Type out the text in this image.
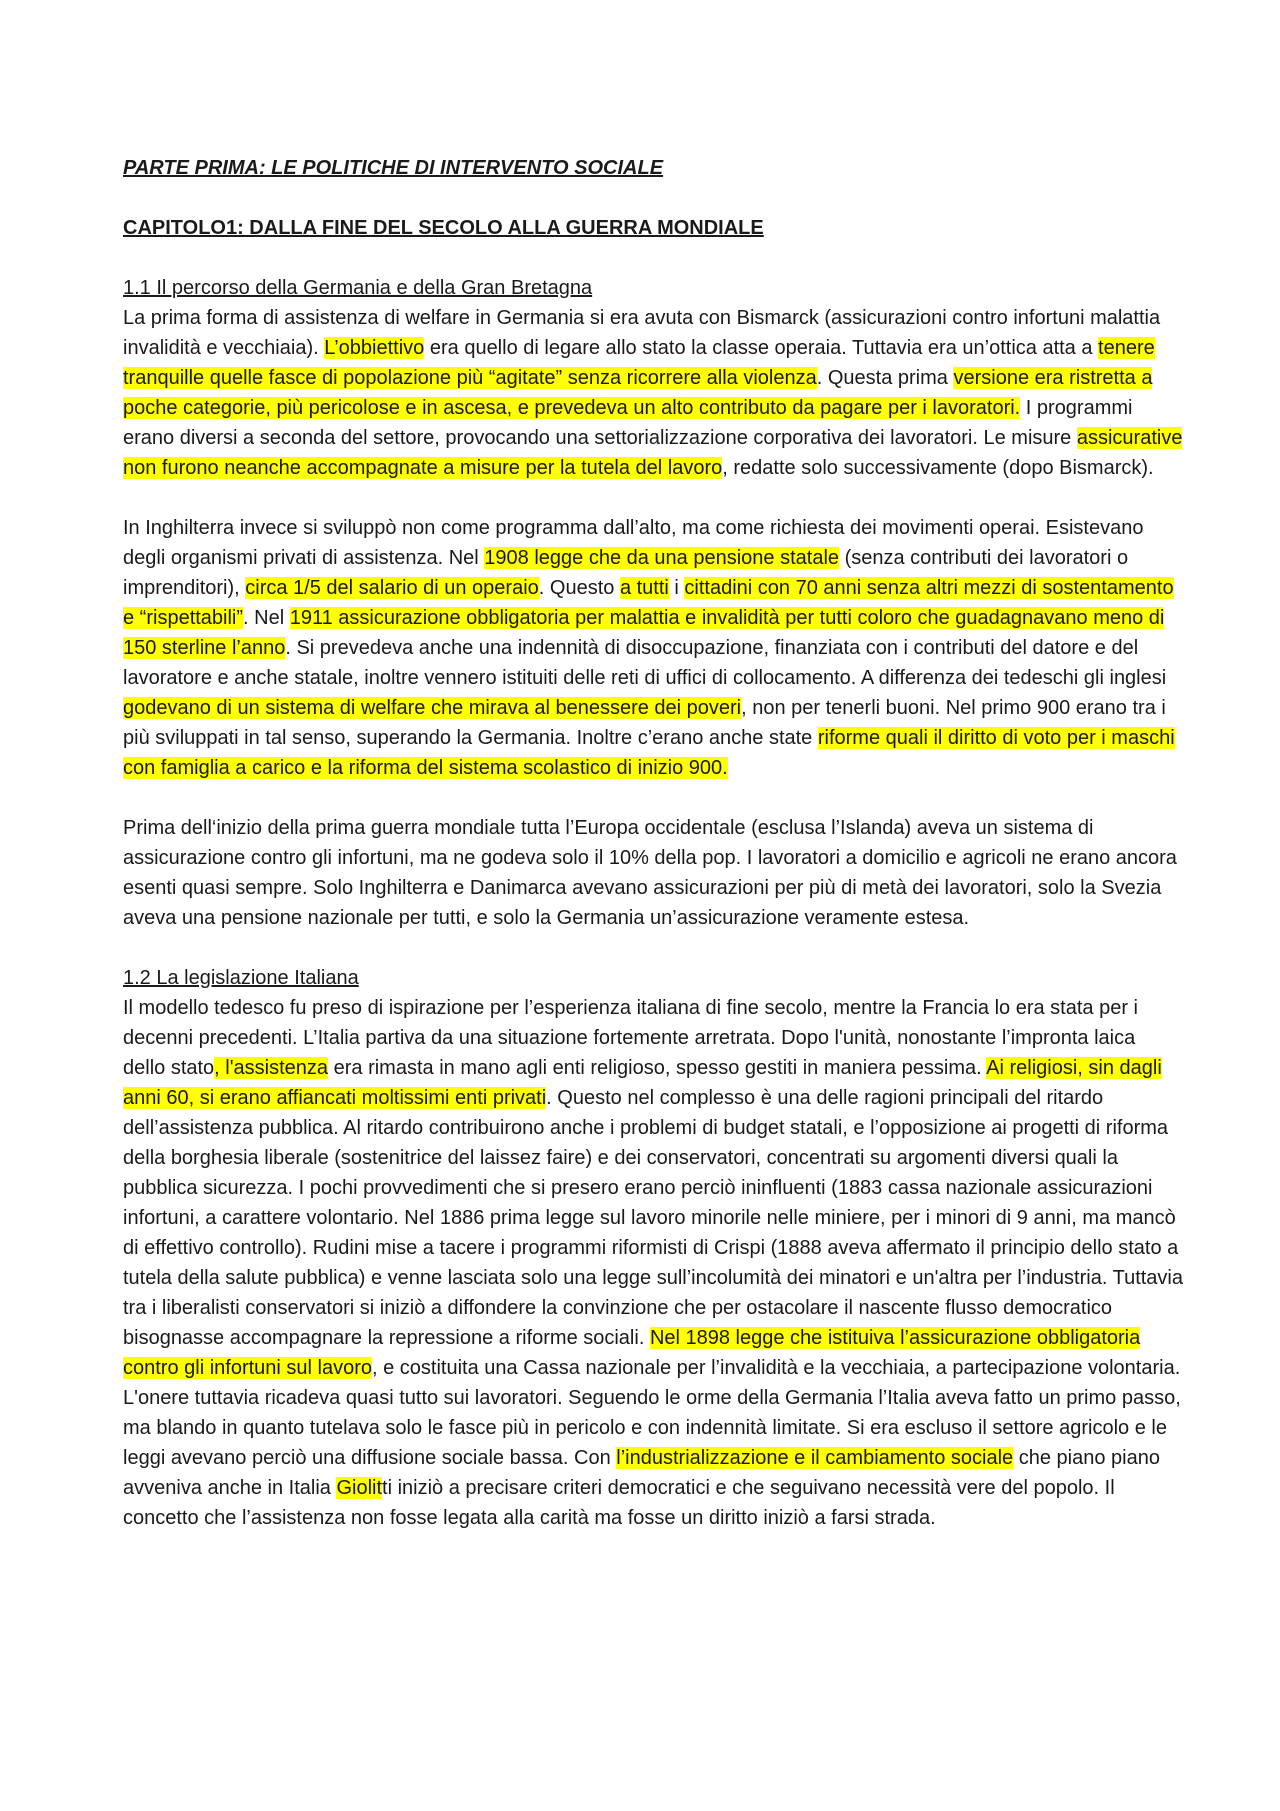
PARTE PRIMA: LE POLITICHE DI INTERVENTO SOCIALE

CAPITOLO1: DALLA FINE DEL SECOLO ALLA GUERRA MONDIALE

1.1 Il percorso della Germania e della Gran Bretagna

La prima forma di assistenza di welfare in Germania si era avuta con Bismarck (assicurazioni contro infortuni malattia invalidità e vecchiaia). L’obbiettivo era quello di legare allo stato la classe operaia. Tuttavia era un’ottica atta a tenere tranquille quelle fasce di popolazione più “agitate” senza ricorrere alla violenza. Questa prima versione era ristretta a poche categorie, più pericolose e in ascesa, e prevedeva un alto contributo da pagare per i lavoratori. I programmi erano diversi a seconda del settore, provocando una settorializzazione corporativa dei lavoratori. Le misure assicurative non furono neanche accompagnate a misure per la tutela del lavoro, redatte solo successivamente (dopo Bismarck).

In Inghilterra invece si sviluppò non come programma dall’alto, ma come richiesta dei movimenti operai. Esistevano degli organismi privati di assistenza. Nel 1908 legge che da una pensione statale (senza contributi dei lavoratori o imprenditori), circa 1/5 del salario di un operaio. Questo a tutti i cittadini con 70 anni senza altri mezzi di sostentamento e “rispettabili”. Nel 1911 assicurazione obbligatoria per malattia e invalidità per tutti coloro che guadagnavano meno di 150 sterline l’anno. Si prevedeva anche una indennità di disoccupazione, finanziata con i contributi del datore e del lavoratore e anche statale, inoltre vennero istituiti delle reti di uffici di collocamento. A differenza dei tedeschi gli inglesi godevano di un sistema di welfare che mirava al benessere dei poveri, non per tenerli buoni. Nel primo 900 erano tra i più sviluppati in tal senso, superando la Germania. Inoltre c’erano anche state riforme quali il diritto di voto per i maschi con famiglia a carico e la riforma del sistema scolastico di inizio 900.

Prima dell‘inizio della prima guerra mondiale tutta l’Europa occidentale (esclusa l’Islanda) aveva un sistema di assicurazione contro gli infortuni, ma ne godeva solo il 10% della pop. I lavoratori a domicilio e agricoli ne erano ancora esenti quasi sempre. Solo Inghilterra e Danimarca avevano assicurazioni per più di metà dei lavoratori, solo la Svezia aveva una pensione nazionale per tutti, e solo la Germania un’assicurazione veramente estesa.

1.2 La legislazione Italiana

Il modello tedesco fu preso di ispirazione per l’esperienza italiana di fine secolo, mentre la Francia lo era stata per i decenni precedenti. L’Italia partiva da una situazione fortemente arretrata. Dopo l'unità, nonostante l’impronta laica dello stato, l'assistenza era rimasta in mano agli enti religioso, spesso gestiti in maniera pessima. Ai religiosi, sin dagli anni 60, si erano affiancati moltissimi enti privati. Questo nel complesso è una delle ragioni principali del ritardo dell’assistenza pubblica. Al ritardo contribuirono anche i problemi di budget statali, e l’opposizione ai progetti di riforma della borghesia liberale (sostenitrice del laissez faire) e dei conservatori, concentrati su argomenti diversi quali la pubblica sicurezza. I pochi provvedimenti che si presero erano perciò ininfluenti (1883 cassa nazionale assicurazioni infortuni, a carattere volontario. Nel 1886 prima legge sul lavoro minorile nelle miniere, per i minori di 9 anni, ma mancò di effettivo controllo). Rudini mise a tacere i programmi riformisti di Crispi (1888 aveva affermato il principio dello stato a tutela della salute pubblica) e venne lasciata solo una legge sull’incolumità dei minatori e un'altra per l’industria. Tuttavia tra i liberalisti conservatori si iniziò a diffondere la convinzione che per ostacolare il nascente flusso democratico bisognasse accompagnare la repressione a riforme sociali. Nel 1898 legge che istituiva l’assicurazione obbligatoria contro gli infortuni sul lavoro, e costituita una Cassa nazionale per l’invalidità e la vecchiaia, a partecipazione volontaria. L'onere tuttavia ricadeva quasi tutto sui lavoratori. Seguendo le orme della Germania l’Italia aveva fatto un primo passo, ma blando in quanto tutelava solo le fasce più in pericolo e con indennità limitate. Si era escluso il settore agricolo e le leggi avevano perciò una diffusione sociale bassa. Con l’industrializzazione e il cambiamento sociale che piano piano avveniva anche in Italia Giolitti iniziò a precisare criteri democratici e che seguivano necessità vere del popolo. Il concetto che l’assistenza non fosse legata alla carità ma fosse un diritto iniziò a farsi strada.
